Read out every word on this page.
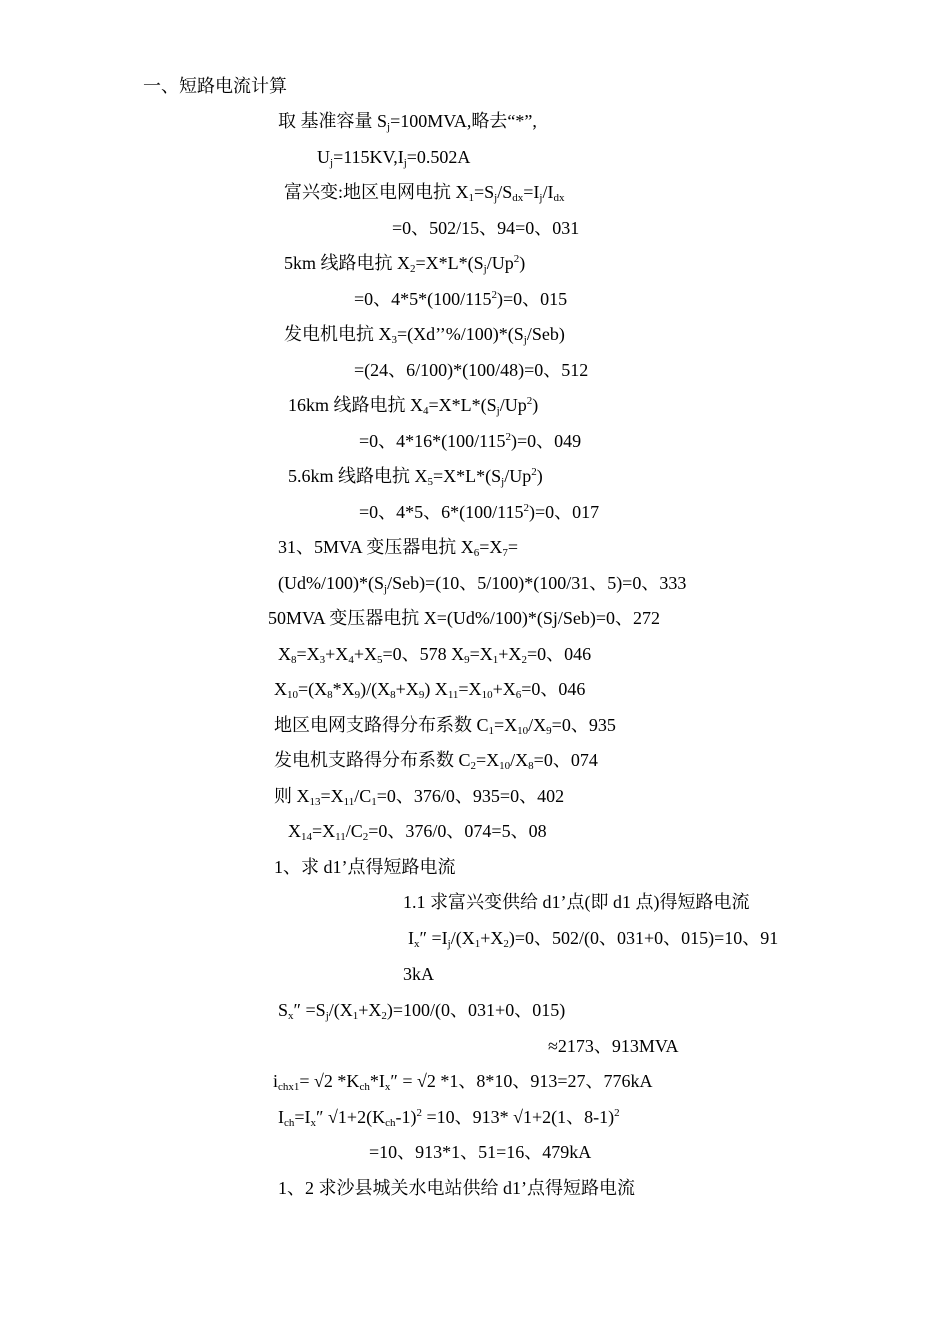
一、短路电流计算
取 基准容量 $S_j=100MVA$,略去“*”,
$U_j=115KV,I_j=0.502A$
富兴变:地区电网电抗 $X_1=S_j/S_{dx}=I_j/I_{dx}$
=0、502/15、94=0、031
5km 线路电抗 $X_2=X*L*(S_j/Up^2)$
=0、$4*5*(100/115^2)=0$、015
发电机电抗 $X_3=(Xd’’\%/100)*(S_j/Seb)$
=(24、6/100)*(100/48)=0、512
16km 线路电抗 $X_4=X*L*(S_j/Up^2)$
=0、$4*16*(100/115^2)=0$、049
5.6km 线路电抗 $X_5=X*L*(S_j/Up^2)$
=0、4*5、$6*(100/115^2)=0$、017
31、5MVA 变压器电抗 $X_6=X_7=$
$(Ud\%/100)*(S_j/Seb)=(10$、5/100)*(100/31、5)=0、333
50MVA 变压器电抗 X=(Ud%/100)*(Sj/Seb)=0、272
$X_8=X_3+X_4+X_5=0$、578 $X_9=X_1+X_2=0$、046
$X_{10}=(X_8*X_9)/(X_8+X_9)$ $X_{11}=X_{10}+X_6=0$、046
地区电网支路得分布系数 $C_1=X_{10}/X_9=0$、935
发电机支路得分布系数 $C_2=X_{10}/X_8=0$、074
则 $X_{13}=X_{11}/C_1=0$、376/0、935=0、402
$X_{14}=X_{11}/C_2=0$、376/0、074=5、08
1、求 d1’点得短路电流
1.1 求富兴变供给 d1’点(即 d1 点)得短路电流
$I_x'' =I_j/(X_1+X_2)=0$、502/(0、031+0、015)=10、91
3kA
$S_x'' =S_j/(X_1+X_2)=100/(0$、031+0、015)
≈2173、913MVA
$i_{chx1}= √2$ $*K_{ch}*I_x'' = √2$ *1、8*10、913=27、776kA
$I_{ch}=I_x''$ $√1+2(K_{ch}-1)^2 =10$、913* √1+2(1、8-1)$^2$
=10、913*1、51=16、479kA
1、2 求沙县城关水电站供给 d1’点得短路电流
